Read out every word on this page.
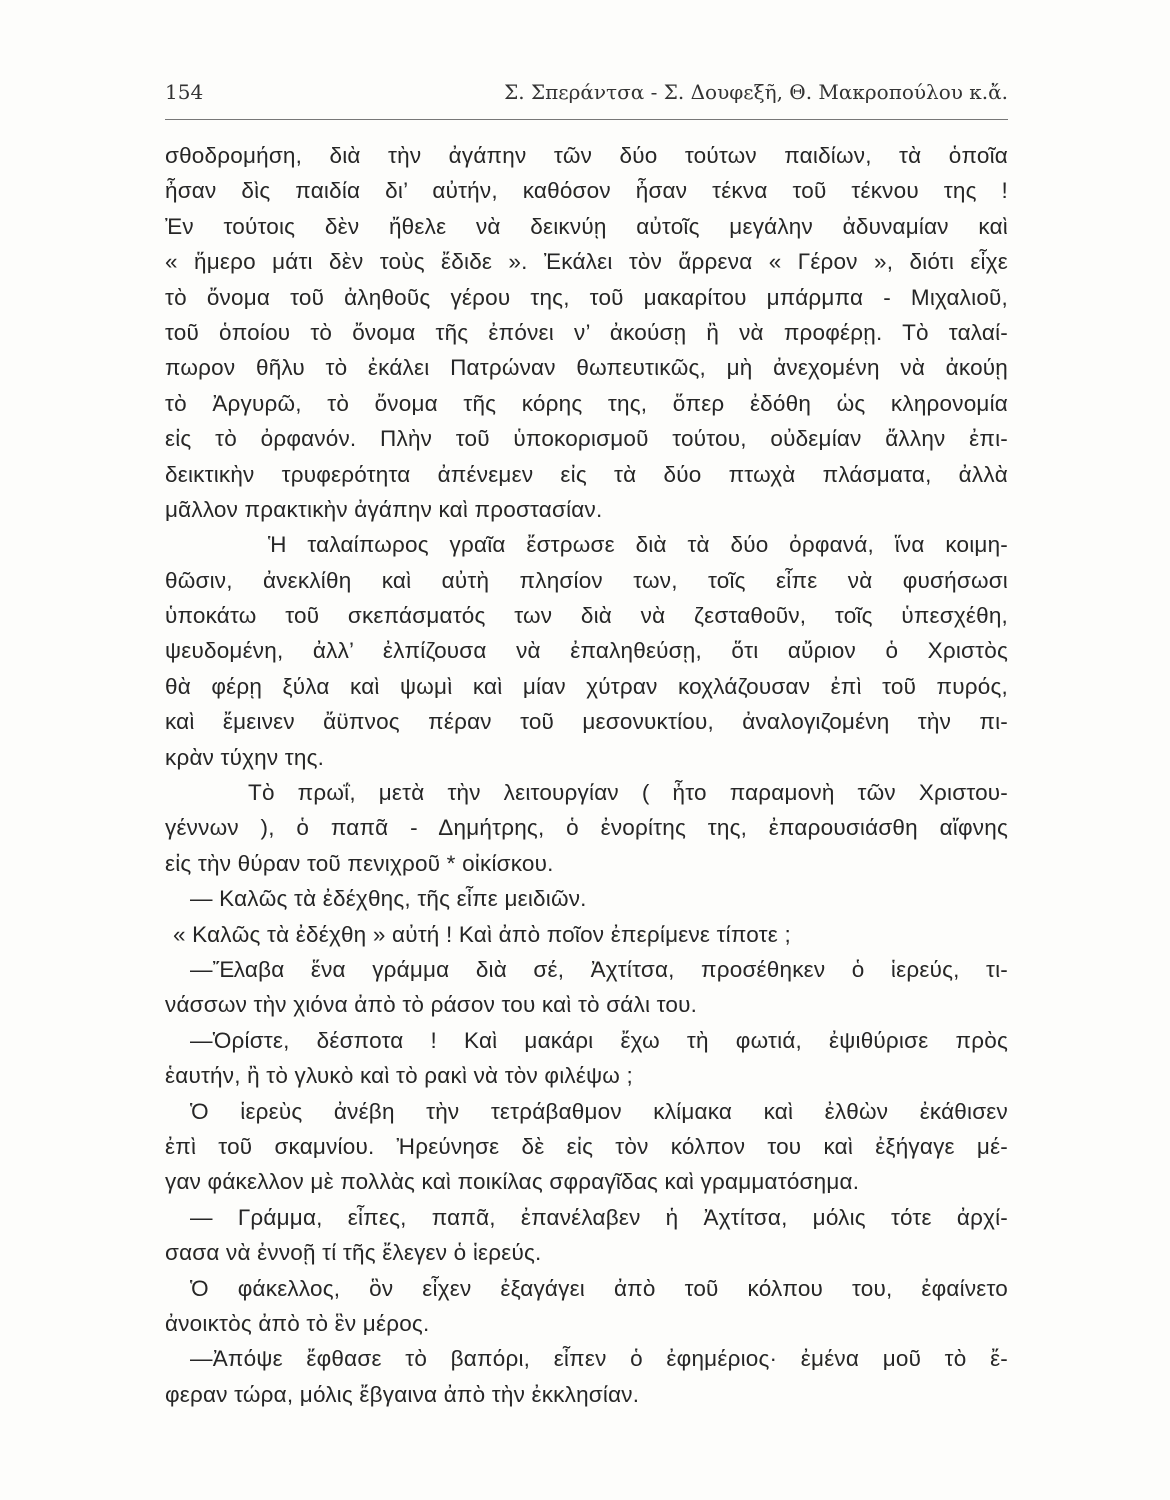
154	Σ. Σπεράντσα - Σ. Δουφεξῆ, Θ. Μακροπούλου κ.ἄ.
σθοδρομήση, διὰ τὴν ἀγάπην τῶν δύο τούτων παιδίων, τὰ ὁποῖα
ἦσαν δὶς παιδία δι’ αὐτήν, καθόσον ἦσαν τέκνα τοῦ τέκνου της !
Ἐν τούτοις δὲν ἤθελε νὰ δεικνύῃ αὐτοῖς μεγάλην ἀδυναμίαν καὶ
« ἥμερο μάτι δὲν τοὺς ἔδιδε ». Ἐκάλει τὸν ἄρρενα « Γέρον », διότι εἶχε
τὸ ὄνομα τοῦ ἀληθοῦς γέρου της, τοῦ μακαρίτου μπάρμπα - Μιχαλιοῦ,
τοῦ ὁποίου τὸ ὄνομα τῆς ἐπόνει ν’ ἀκούσῃ ἢ νὰ προφέρῃ. Τὸ ταλαί-
πωρον θῆλυ τὸ ἐκάλει Πατρώναν θωπευτικῶς, μὴ ἀνεχομένη νὰ ἀκούῃ
τὸ Ἀργυρῶ, τὸ ὄνομα τῆς κόρης της, ὅπερ ἐδόθη ὡς κληρονομία
εἰς τὸ ὀρφανόν. Πλὴν τοῦ ὑποκορισμοῦ τούτου, οὐδεμίαν ἄλλην ἐπι-
δεικτικὴν τρυφερότητα ἀπένεμεν εἰς τὰ δύο πτωχὰ πλάσματα, ἀλλὰ
μᾶλλον πρακτικὴν ἀγάπην καὶ προστασίαν.
Ἡ ταλαίπωρος γραῖα ἔστρωσε διὰ τὰ δύο ὀρφανά, ἵνα κοιμη-
θῶσιν, ἀνεκλίθη καὶ αὐτὴ πλησίον των, τοῖς εἶπε νὰ φυσήσωσι
ὑποκάτω τοῦ σκεπάσματός των διὰ νὰ ζεσταθοῦν, τοῖς ὑπεσχέθη,
ψευδομένη, ἀλλ’ ἐλπίζουσα νὰ ἐπαληθεύσῃ, ὅτι αὔριον ὁ Χριστὸς
θὰ φέρῃ ξύλα καὶ ψωμὶ καὶ μίαν χύτραν κοχλάζουσαν ἐπὶ τοῦ πυρός,
καὶ ἔμεινεν ἄϋπνος πέραν τοῦ μεσονυκτίου, ἀναλογιζομένη τὴν πι-
κρὰν τύχην της.
Τὸ πρωΐ, μετὰ τὴν λειτουργίαν ( ἦτο παραμονὴ τῶν Χριστου-
γέννων ), ὁ παπᾶ - Δημήτρης, ὁ ἐνορίτης της, ἐπαρουσιάσθη αἴφνης
εἰς τὴν θύραν τοῦ πενιχροῦ * οἰκίσκου.
— Καλῶς τὰ ἐδέχθης, τῆς εἶπε μειδιῶν.
« Καλῶς τὰ ἐδέχθη » αὐτή ! Καὶ ἀπὸ ποῖον ἐπερίμενε τίποτε ;
—Ἔλαβα ἕνα γράμμα διὰ σέ, Ἀχτίτσα, προσέθηκεν ὁ ἱερεύς, τι-
νάσσων τὴν χιόνα ἀπὸ τὸ ράσον του καὶ τὸ σάλι του.
—Ὁρίστε, δέσποτα ! Καὶ μακάρι ἔχω τὴ φωτιά, ἐψιθύρισε πρὸς
ἑαυτήν, ἢ τὸ γλυκὸ καὶ τὸ ρακὶ νὰ τὸν φιλέψω ;
Ὁ ἱερεὺς ἀνέβη τὴν τετράβαθμον κλίμακα καὶ ἐλθὼν ἐκάθισεν
ἐπὶ τοῦ σκαμνίου. Ἠρεύνησε δὲ εἰς τὸν κόλπον του καὶ ἐξήγαγε μέ-
γαν φάκελλον μὲ πολλὰς καὶ ποικίλας σφραγῖδας καὶ γραμματόσημα.
— Γράμμα, εἶπες, παπᾶ, ἐπανέλαβεν ἡ Ἀχτίτσα, μόλις τότε ἀρχί-
σασα νὰ ἐννοῇ τί τῆς ἔλεγεν ὁ ἱερεύς.
Ὁ φάκελλος, ὃν εἶχεν ἐξαγάγει ἀπὸ τοῦ κόλπου του, ἐφαίνετο
ἀνοικτὸς ἀπὸ τὸ ἓν μέρος.
—Ἀπόψε ἔφθασε τὸ βαπόρι, εἶπεν ὁ ἐφημέριος· ἐμένα μοῦ τὸ ἔ-
φεραν τώρα, μόλις ἔβγαινα ἀπὸ τὴν ἐκκλησίαν.
